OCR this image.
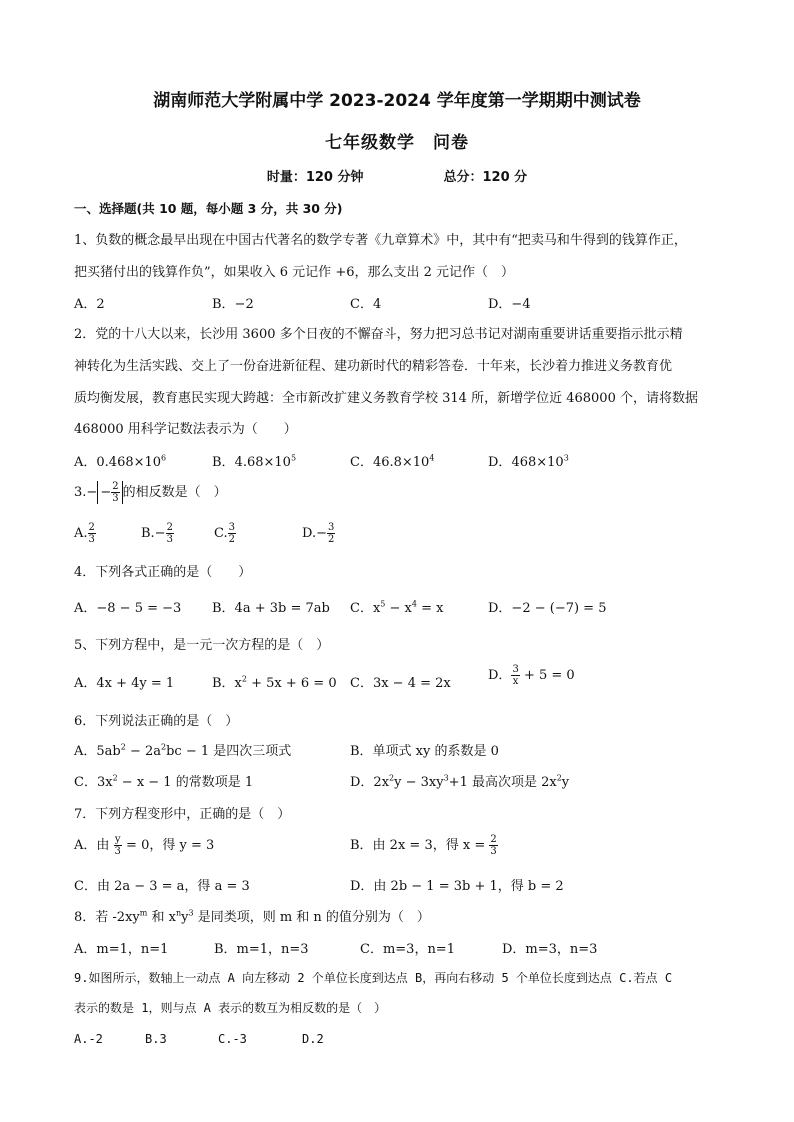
湖南师范大学附属中学 2023-2024 学年度第一学期期中测试卷
七年级数学　问卷
时量：120 分钟	总分：120 分
一、选择题(共 10 题，每小题 3 分，共 30 分)
1、负数的概念最早出现在中国古代著名的数学专著《九章算术》中，其中有“把卖马和牛得到的钱算作正，
把买猪付出的钱算作负”，如果收入 6 元记作 +6，那么支出 2 元记作（　）
A．2	B．−2	C．4	D．−4
2．党的十八大以来，长沙用 3600 多个日夜的不懈奋斗，努力把习总书记对湖南重要讲话重要指示批示精
神转化为生活实践、交上了一份奋进新征程、建功新时代的精彩答卷．十年来，长沙着力推进义务教育优
质均衡发展，教育惠民实现大跨越：全市新改扩建义务教育学校 314 所，新增学位近 468000 个，请将数据
468000 用科学记数法表示为（　　）
A．$0.468\times 10^6$	B．$4.68\times 10^5$	C．$46.8\times 10^4$	D．$468\times 10^3$
$3.- - \frac{2}{3}$ 的相反数是（　）
A. $\frac{2}{3}$	$B.- \frac{2}{3}$	C. $\frac{3}{2}$	$D.- \frac{3}{2}$
4．下列各式正确的是（　　）
A．−8 − 5 = −3 B．4a + 3b = 7ab C．$x^5 - x^4 = x$	D．−2 − (−7) = 5
5、下列方程中，是一元一次方程的是（　）
A．4x + 4y = 1	B．$x^2 + 5x + 6 = 0$ C．3x − 4 = 2x
D． $\frac{3}{x} + 5 = 0$
6．下列说法正确的是（　）
A．$5ab^2 - 2a^2bc - 1$ 是四次三项式	B．单项式 xy 的系数是 0
C．$3x^2 - x - 1$ 的常数项是 1	D．$2x^2y - 3xy^3+1$ 最高次项是 $2x^2y$
7．下列方程变形中，正确的是（　）
A．由 $\frac{y}{3} = 0$，得 y = 3	B．由 2x = 3，得 $x = \frac{2}{3}$
C．由 2a − 3 = a，得 a = 3	D．由 2b − 1 = 3b + 1，得 b = 2
8．若 $-2xy^m$ 和 $x^ny^3$ 是同类项，则 m 和 n 的值分别为（　）
A．m=1，n=1	B．m=1，n=3	C．m=3，n=1	D．m=3，n=3
9.如图所示，数轴上一动点 A 向左移动 2 个单位长度到达点 B，再向右移动 5 个单位长度到达点 C.若点 C
表示的数是 1，则与点 A 表示的数互为相反数的是（　）
A.-2	B.3	C.-3	D.2
